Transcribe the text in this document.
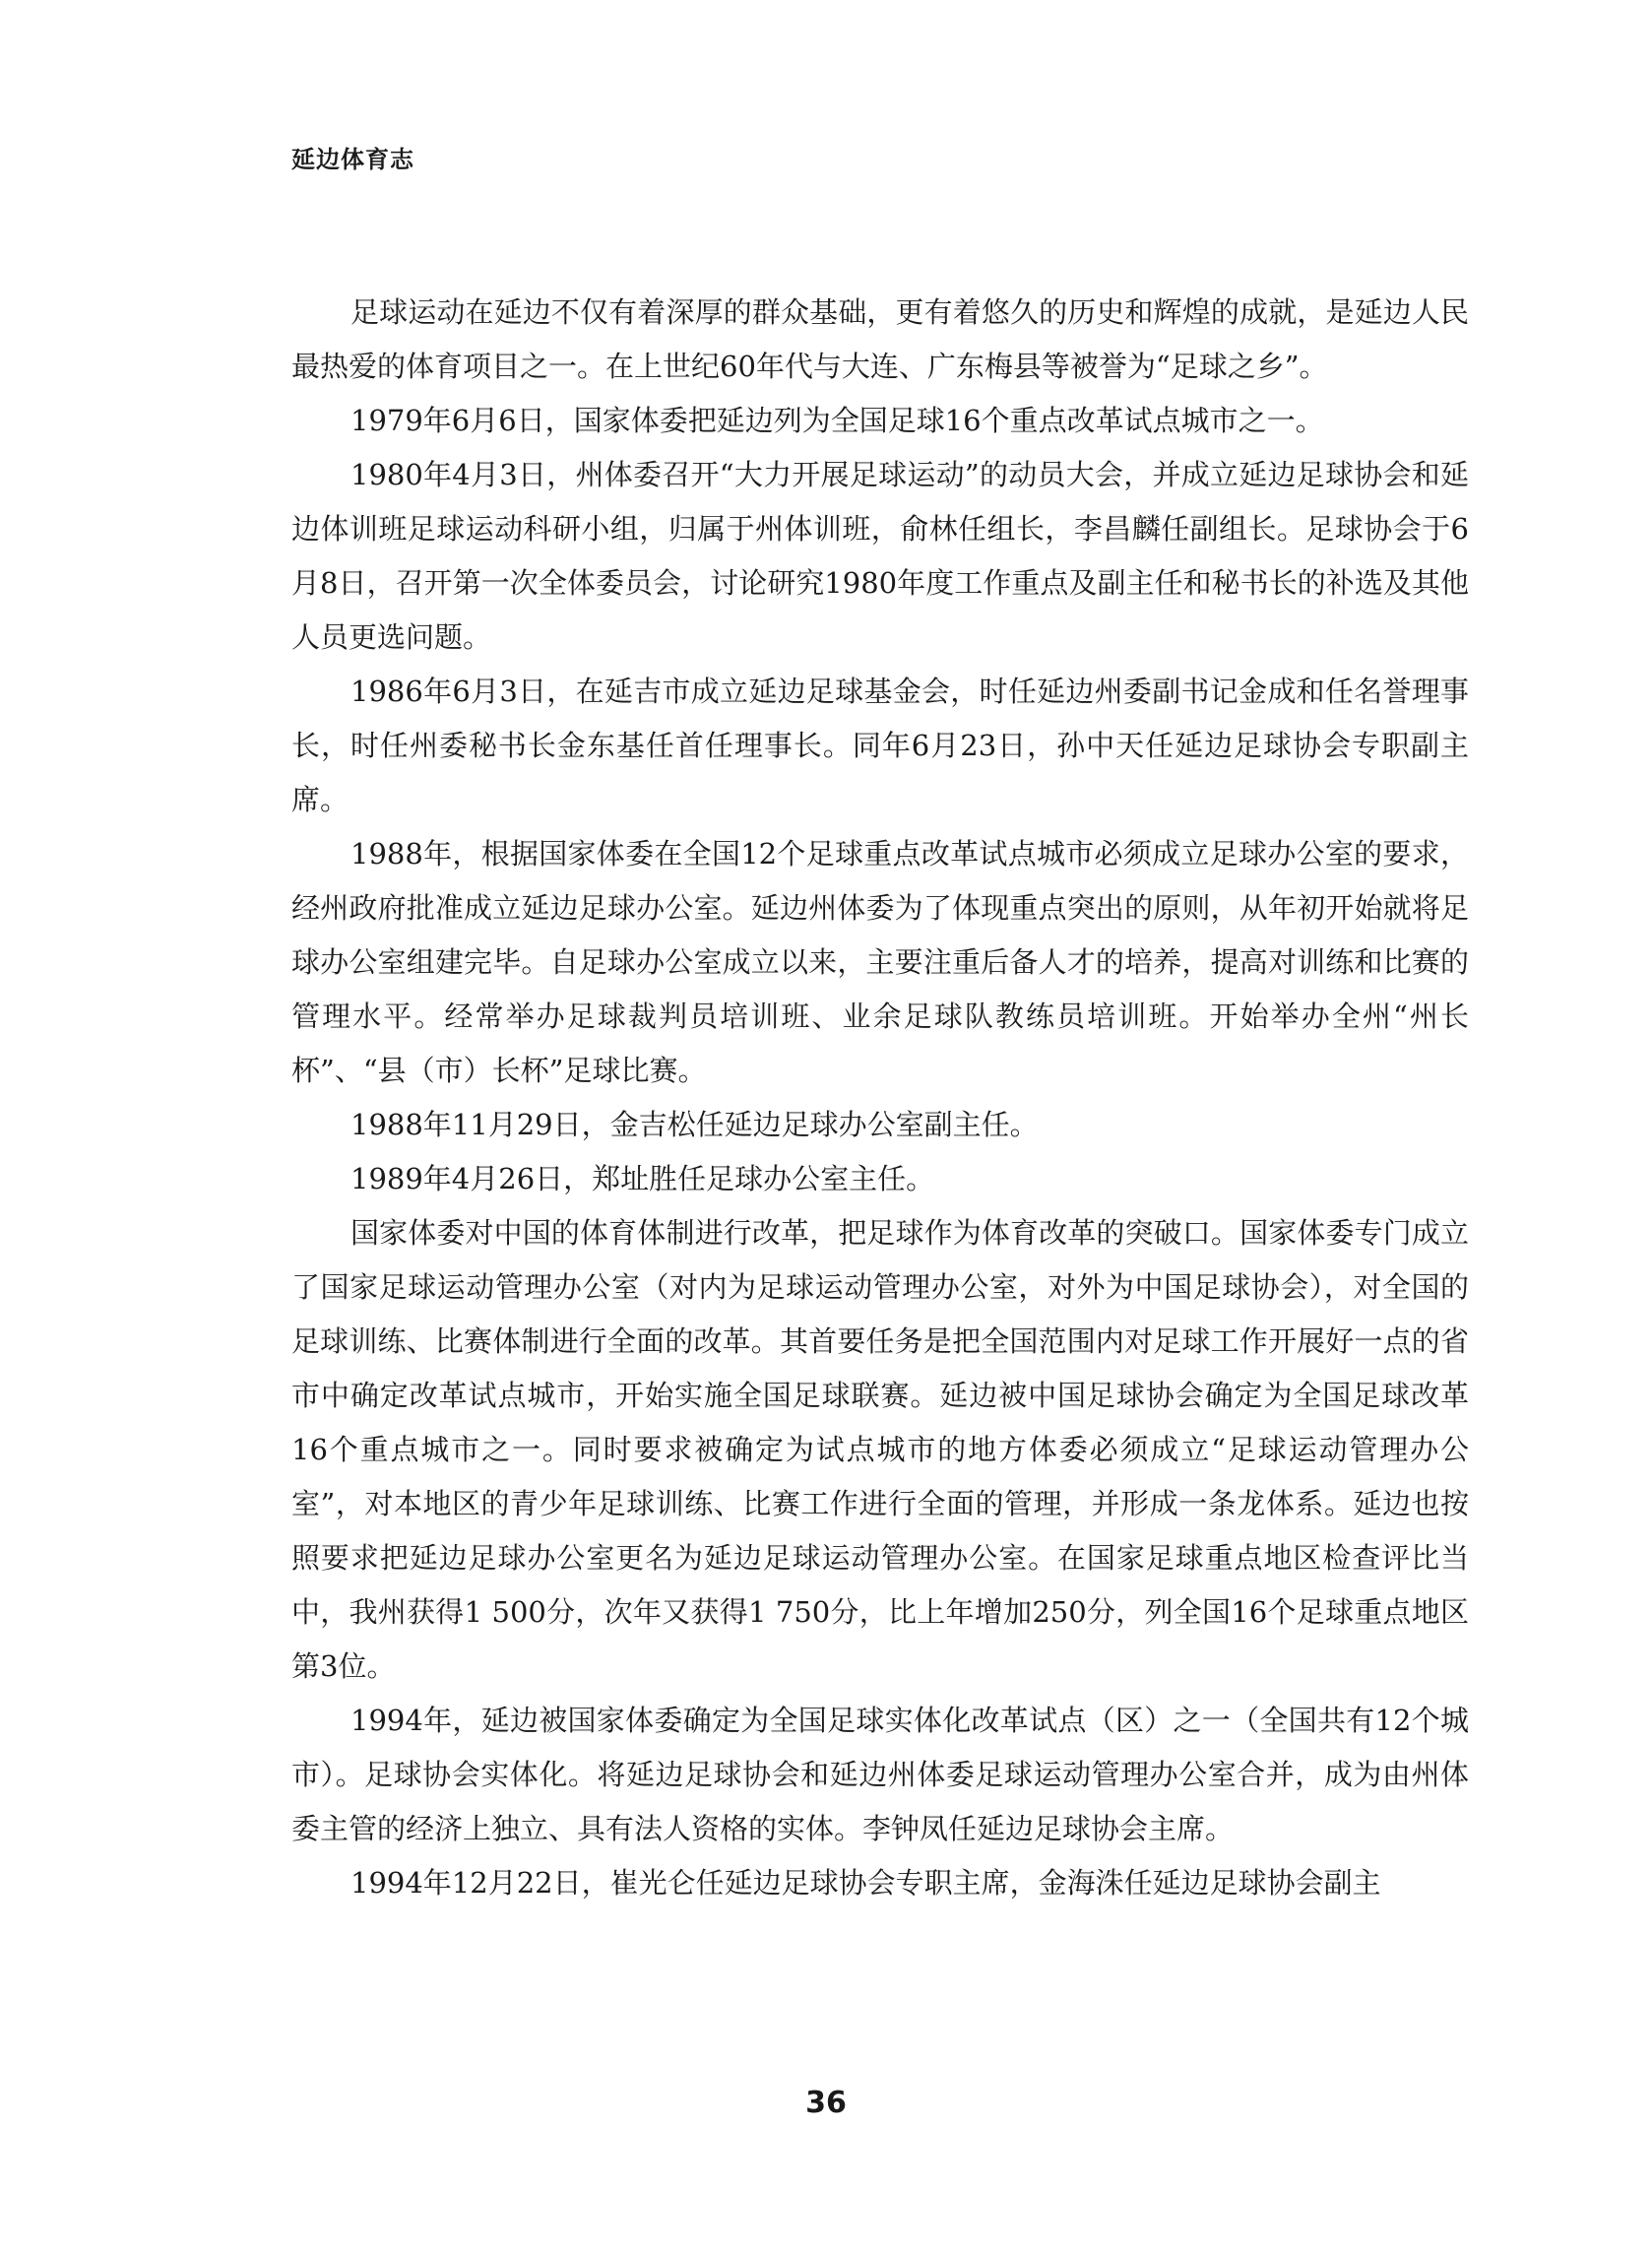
延边体育志

足球运动在延边不仅有着深厚的群众基础，更有着悠久的历史和辉煌的成就，是延边人民最热爱的体育项目之一。在上世纪60年代与大连、广东梅县等被誉为“足球之乡”。

1979年6月6日，国家体委把延边列为全国足球16个重点改革试点城市之一。

1980年4月3日，州体委召开“大力开展足球运动”的动员大会，并成立延边足球协会和延边体训班足球运动科研小组，归属于州体训班，俞林任组长，李昌麟任副组长。足球协会于6月8日，召开第一次全体委员会，讨论研究1980年度工作重点及副主任和秘书长的补选及其他人员更选问题。

1986年6月3日，在延吉市成立延边足球基金会，时任延边州委副书记金成和任名誉理事长，时任州委秘书长金东基任首任理事长。同年6月23日，孙中天任延边足球协会专职副主席。

1988年，根据国家体委在全国12个足球重点改革试点城市必须成立足球办公室的要求，经州政府批准成立延边足球办公室。延边州体委为了体现重点突出的原则，从年初开始就将足球办公室组建完毕。自足球办公室成立以来，主要注重后备人才的培养，提高对训练和比赛的管理水平。经常举办足球裁判员培训班、业余足球队教练员培训班。开始举办全州“州长杯”、“县（市）长杯”足球比赛。

1988年11月29日，金吉松任延边足球办公室副主任。

1989年4月26日，郑址胜任足球办公室主任。

国家体委对中国的体育体制进行改革，把足球作为体育改革的突破口。国家体委专门成立了国家足球运动管理办公室（对内为足球运动管理办公室，对外为中国足球协会），对全国的足球训练、比赛体制进行全面的改革。其首要任务是把全国范围内对足球工作开展好一点的省市中确定改革试点城市，开始实施全国足球联赛。延边被中国足球协会确定为全国足球改革16个重点城市之一。同时要求被确定为试点城市的地方体委必须成立“足球运动管理办公室”，对本地区的青少年足球训练、比赛工作进行全面的管理，并形成一条龙体系。延边也按照要求把延边足球办公室更名为延边足球运动管理办公室。在国家足球重点地区检查评比当中，我州获得1 500分，次年又获得1 750分，比上年增加250分，列全国16个足球重点地区第3位。

1994年，延边被国家体委确定为全国足球实体化改革试点（区）之一（全国共有12个城市）。足球协会实体化。将延边足球协会和延边州体委足球运动管理办公室合并，成为由州体委主管的经济上独立、具有法人资格的实体。李钟凤任延边足球协会主席。

1994年12月22日，崔光仑任延边足球协会专职主席，金海洙任延边足球协会副主

36
